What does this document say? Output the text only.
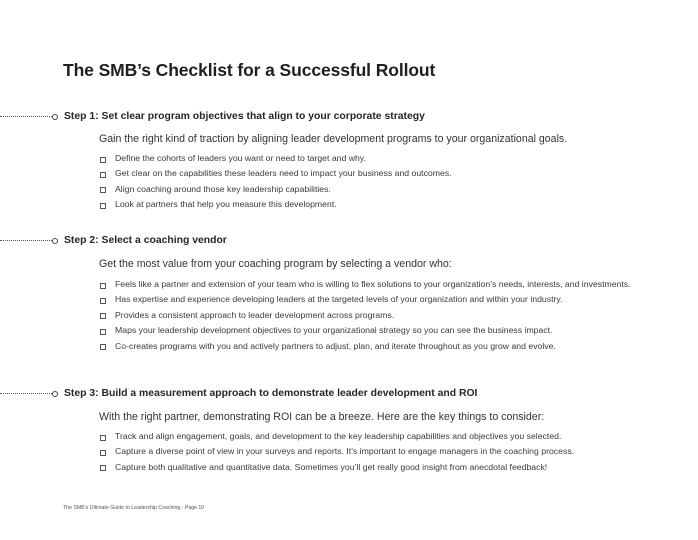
The SMB’s Checklist for a Successful Rollout
Step 1: Set clear program objectives that align to your corporate strategy

Gain the right kind of traction by aligning leader development programs to your organizational goals.

Define the cohorts of leaders you want or need to target and why.
Get clear on the capabilities these leaders need to impact your business and outcomes.
Align coaching around those key leadership capabilities.
Look at partners that help you measure this development.
Step 2: Select a coaching vendor

Get the most value from your coaching program by selecting a vendor who:

Feels like a partner and extension of your team who is willing to flex solutions to your organization’s needs, interests, and investments.
Has expertise and experience developing leaders at the targeted levels of your organization and within your industry.
Provides a consistent approach to leader development across programs.
Maps your leadership development objectives to your organizational strategy so you can see the business impact.
Co-creates programs with you and actively partners to adjust, plan, and iterate throughout as you grow and evolve.
Step 3: Build a measurement approach to demonstrate leader development and ROI

With the right partner, demonstrating ROI can be a breeze. Here are the key things to consider:

Track and align engagement, goals, and development to the key leadership capabilities and objectives you selected.
Capture a diverse point of view in your surveys and reports. It’s important to engage managers in the coaching process.
Capture both qualitative and quantitative data. Sometimes you’ll get really good insight from anecdotal feedback!
The SMB’s Ultimate Guide to Leadership Coaching - Page 10
